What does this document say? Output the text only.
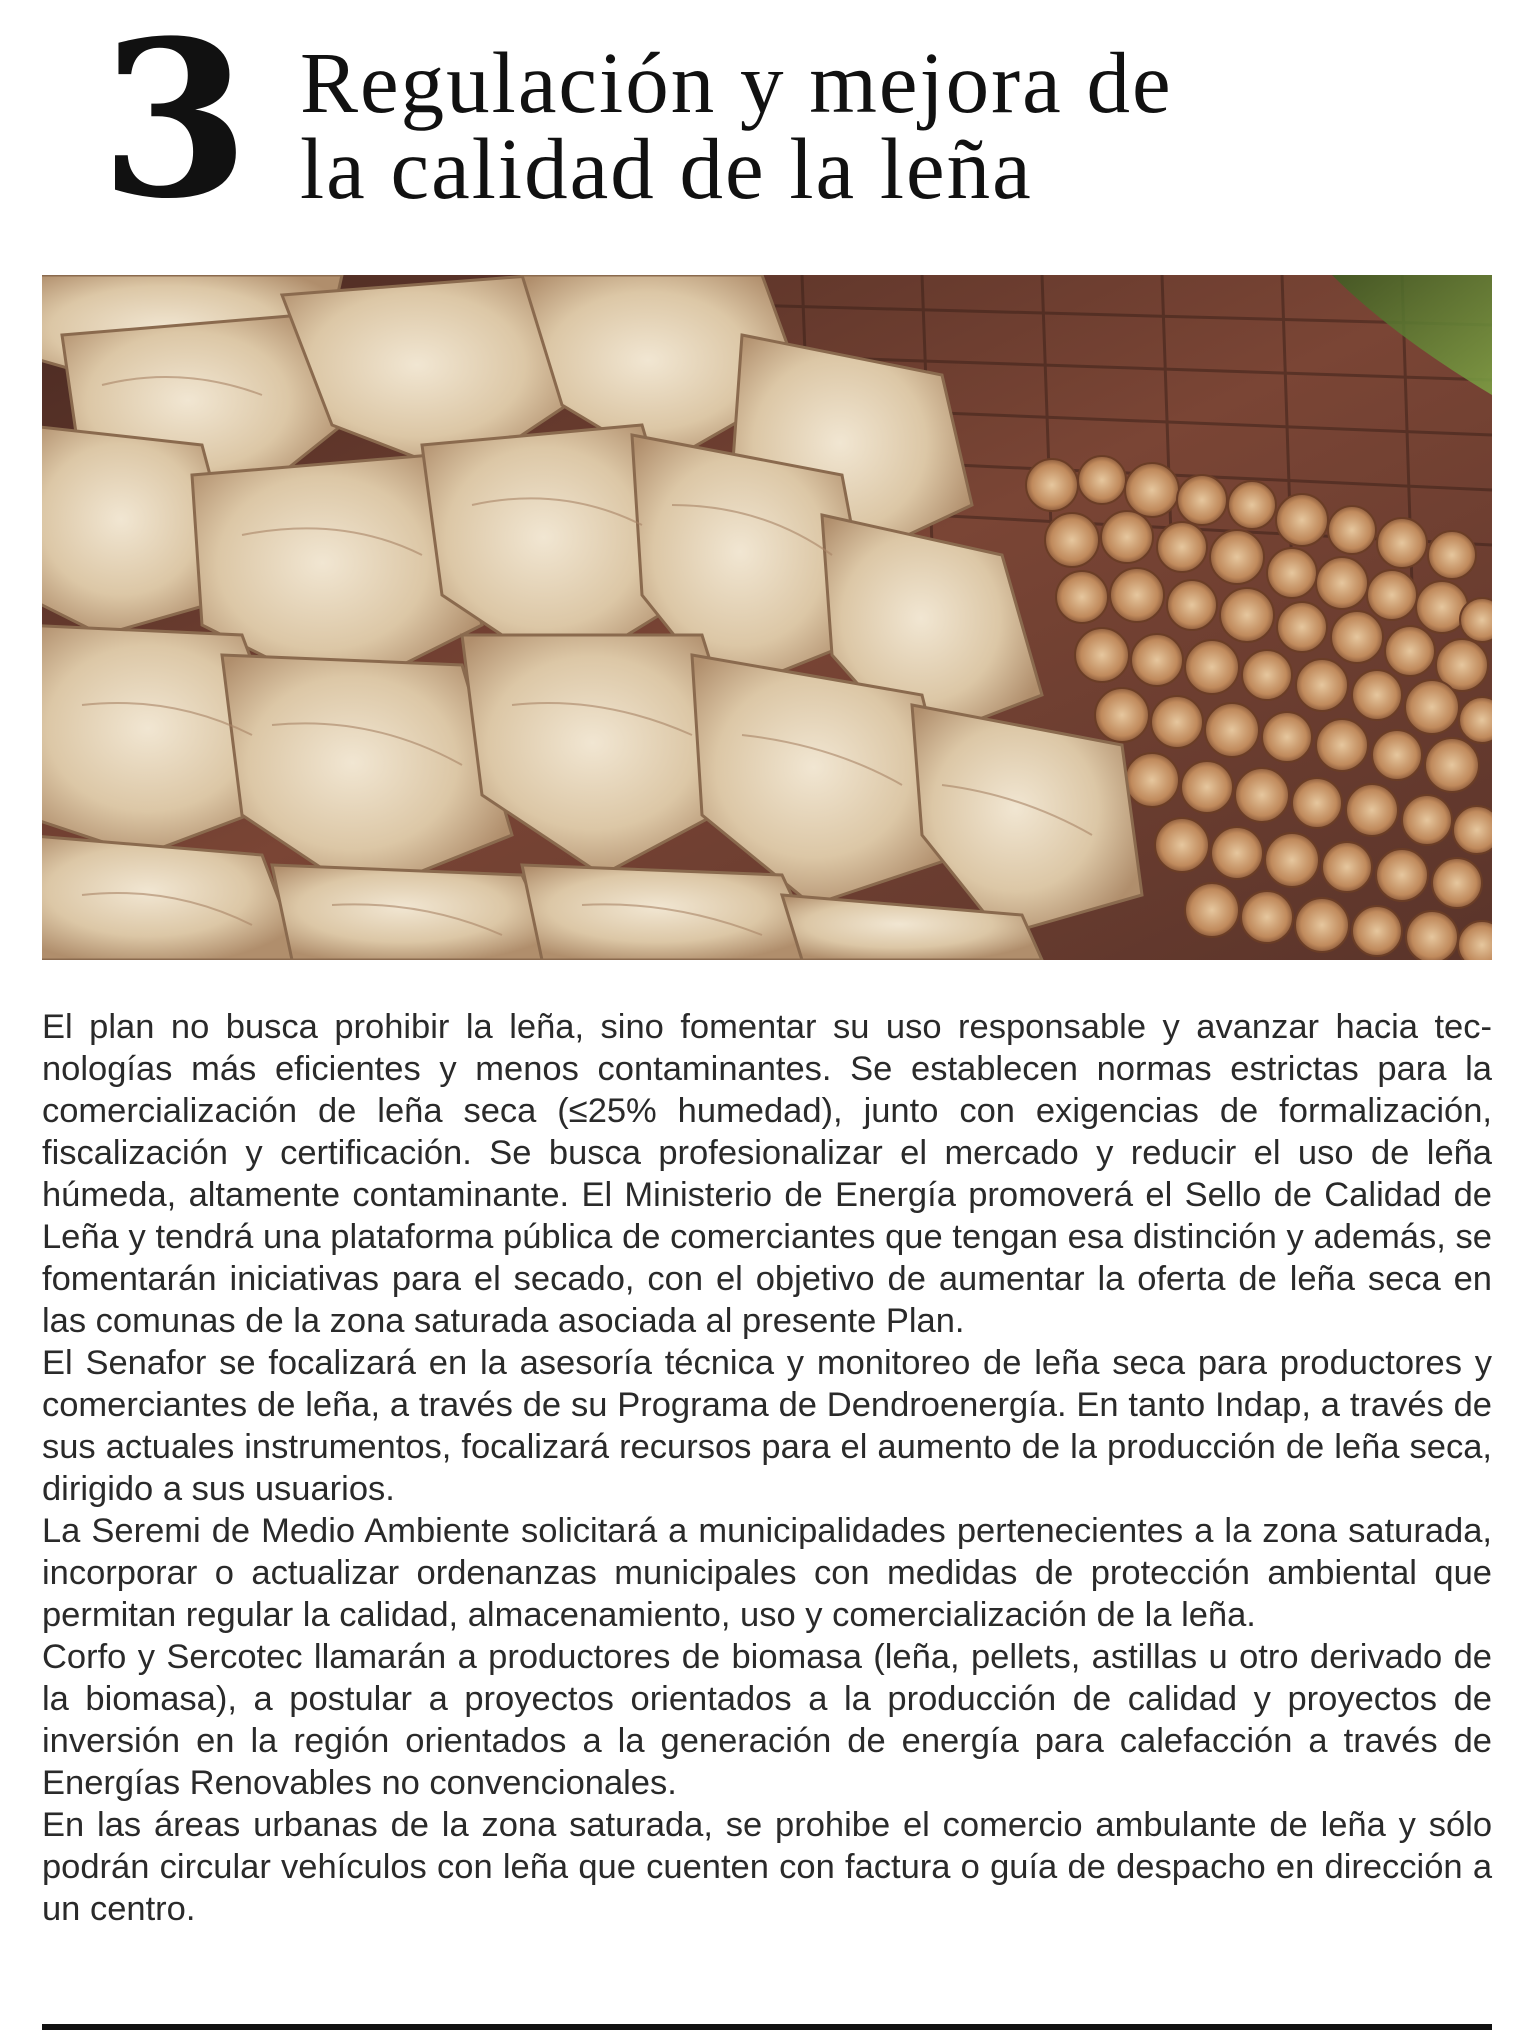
3 Regulación y mejora de
la calidad de la leña

El plan no busca prohibir la leña, sino fomentar su uso responsable y avanzar hacia tecnologías más eficientes y menos contaminantes. Se establecen normas estrictas para la comercialización de leña seca (≤25% humedad), junto con exigencias de formalización, fiscalización y certificación. Se busca profesionalizar el mercado y reducir el uso de leña húmeda, altamente contaminante. El Ministerio de Energía promoverá el Sello de Calidad de Leña y tendrá una plataforma pública de comerciantes que tengan esa distinción y además, se fomentarán iniciativas para el secado, con el objetivo de aumentar la oferta de leña seca en las comunas de la zona saturada asociada al presente Plan.

El Senafor se focalizará en la asesoría técnica y monitoreo de leña seca para productores y comerciantes de leña, a través de su Programa de Dendroenergía. En tanto Indap, a través de sus actuales instrumentos, focalizará recursos para el aumento de la producción de leña seca, dirigido a sus usuarios.

La Seremi de Medio Ambiente solicitará a municipalidades pertenecientes a la zona saturada, incorporar o actualizar ordenanzas municipales con medidas de protección ambiental que permitan regular la calidad, almacenamiento, uso y comercialización de la leña.

Corfo y Sercotec llamarán a productores de biomasa (leña, pellets, astillas u otro derivado de la biomasa), a postular a proyectos orientados a la producción de calidad y proyectos de inversión en la región orientados a la generación de energía para calefacción a través de Energías Renovables no convencionales.

En las áreas urbanas de la zona saturada, se prohibe el comercio ambulante de leña y sólo podrán circular vehículos con leña que cuenten con factura o guía de despacho en dirección a un centro.
